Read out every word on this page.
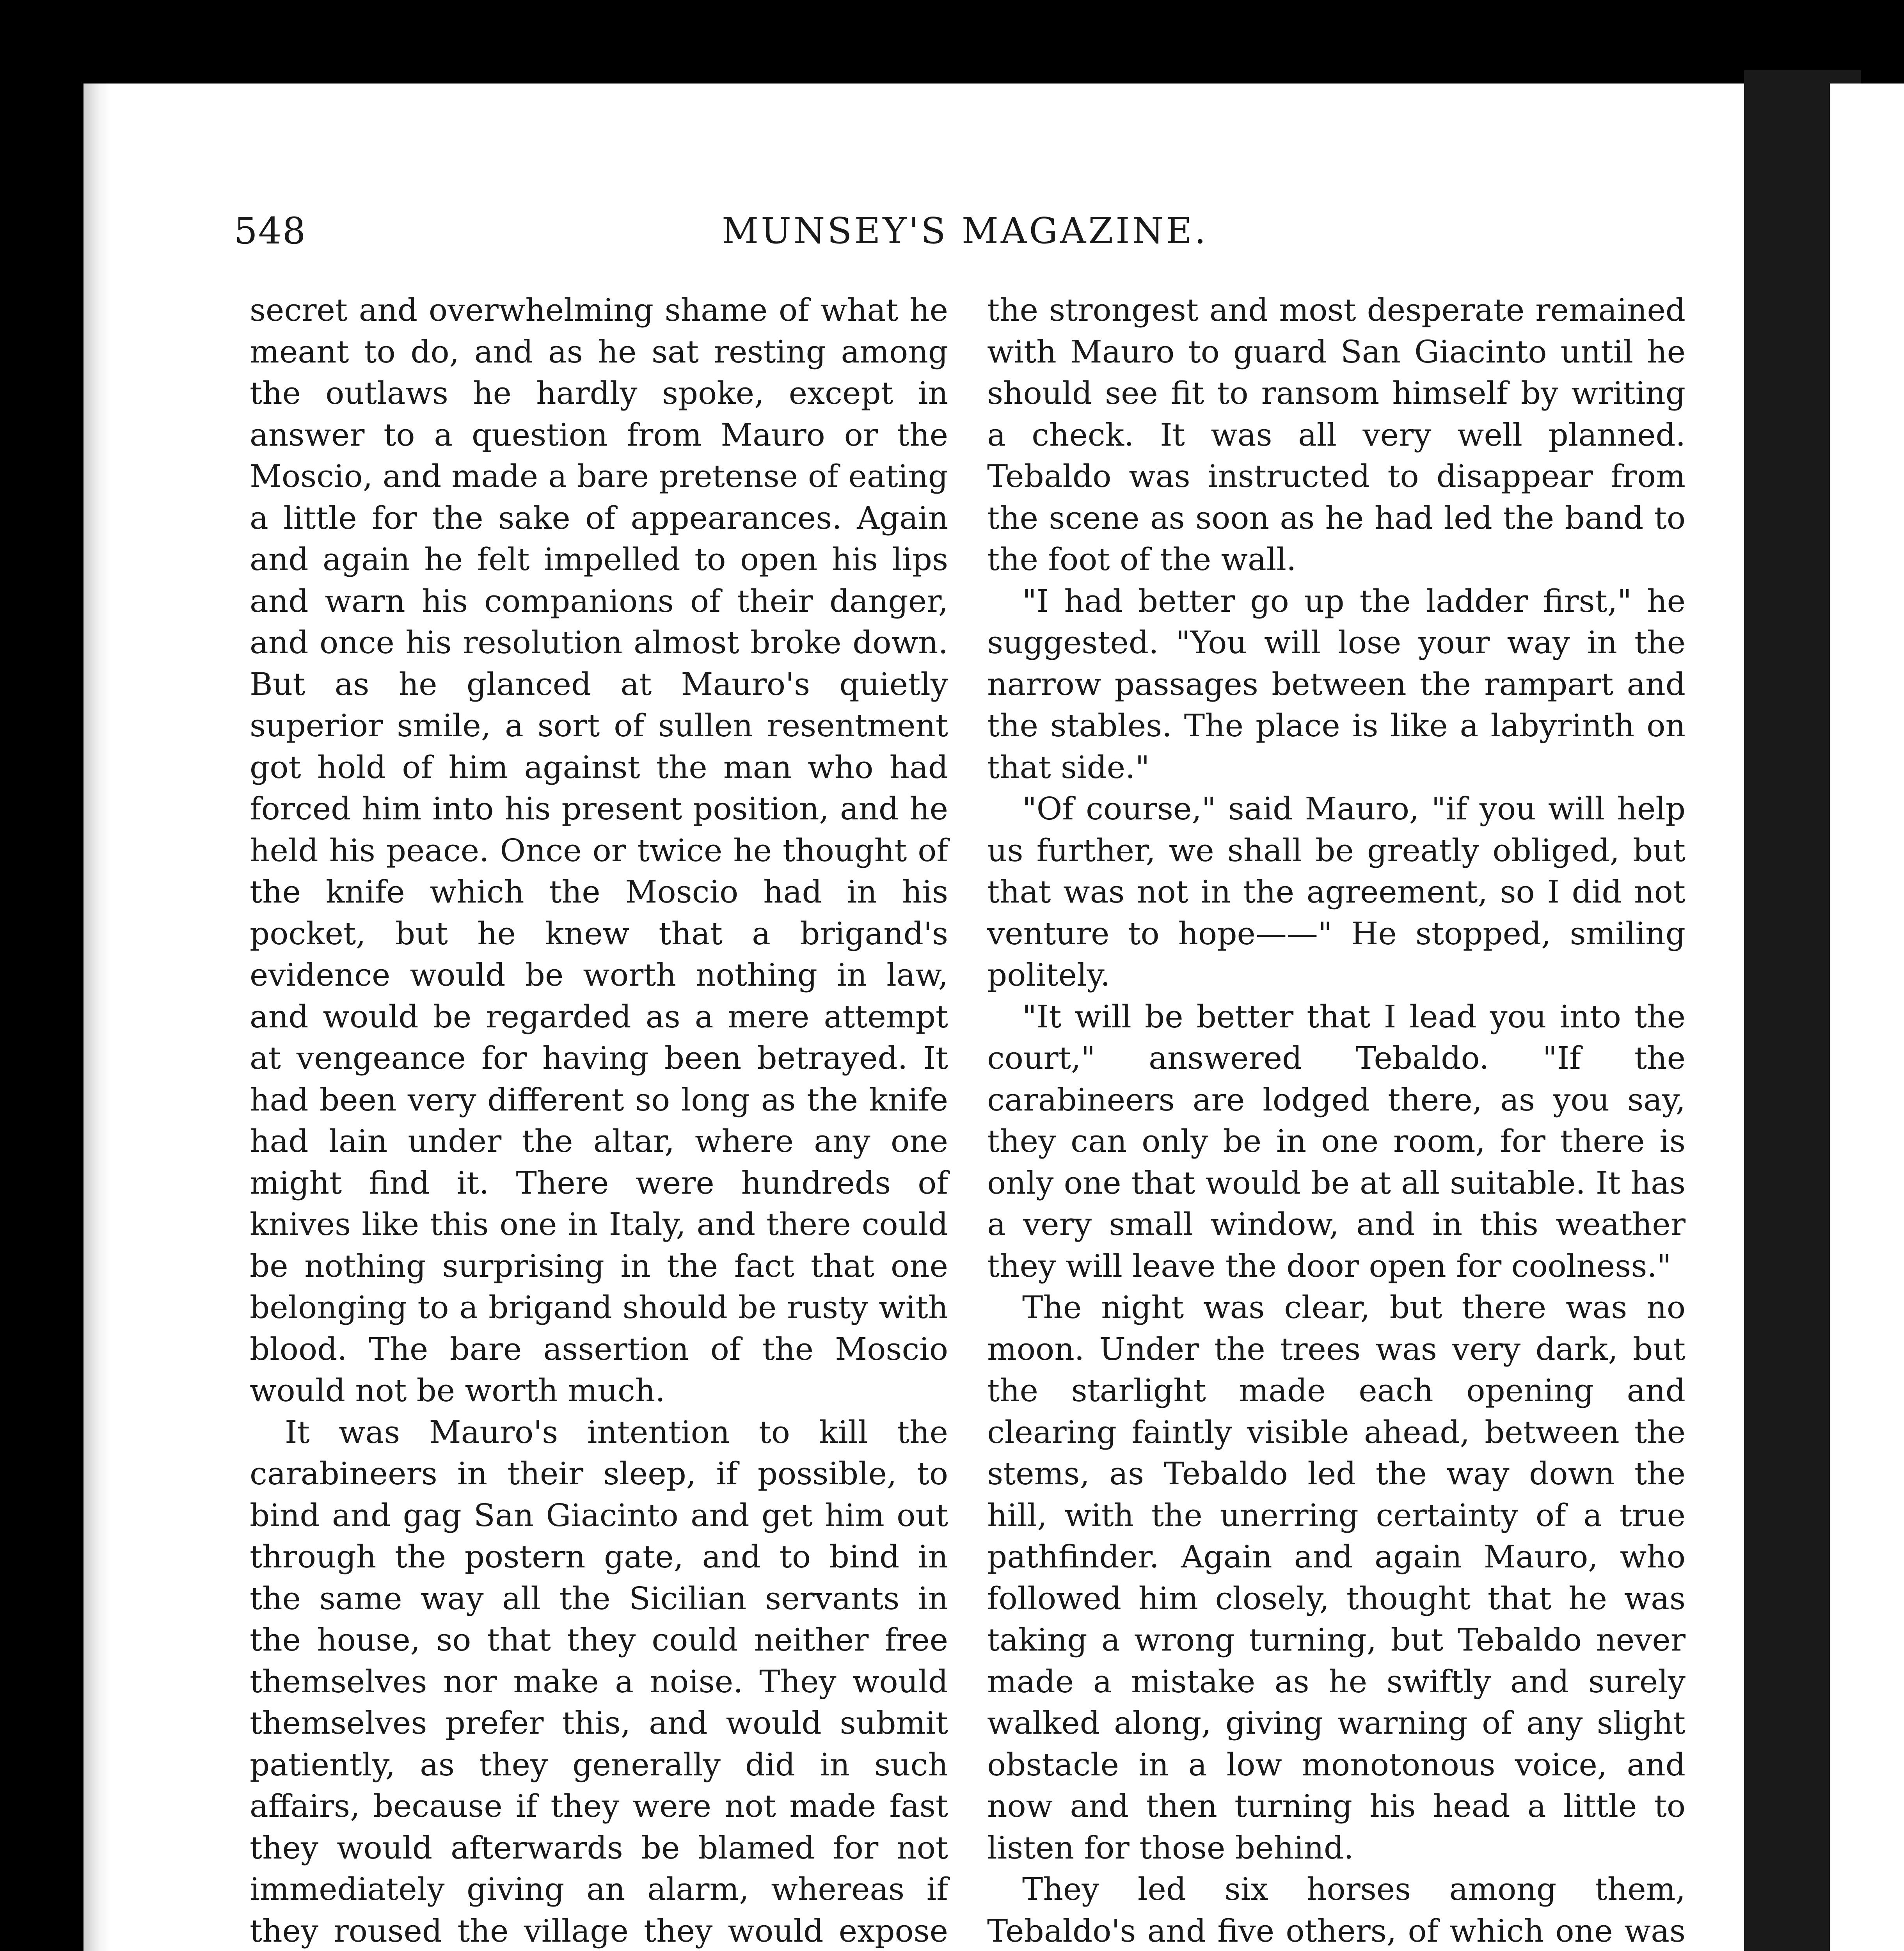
548	MUNSEY'S MAGAZINE.

secret and overwhelming shame of what he meant to do, and as he sat resting among the outlaws he hardly spoke, except in answer to a question from Mauro or the Moscio, and made a bare pretense of eating a little for the sake of appearances. Again and again he felt impelled to open his lips and warn his companions of their danger, and once his resolution almost broke down. But as he glanced at Mauro's quietly superior smile, a sort of sullen resentment got hold of him against the man who had forced him into his present position, and he held his peace. Once or twice he thought of the knife which the Moscio had in his pocket, but he knew that a brigand's evidence would be worth nothing in law, and would be regarded as a mere attempt at vengeance for having been betrayed. It had been very different so long as the knife had lain under the altar, where any one might find it. There were hundreds of knives like this one in Italy, and there could be nothing surprising in the fact that one belonging to a brigand should be rusty with blood. The bare assertion of the Moscio would not be worth much.

It was Mauro's intention to kill the carabineers in their sleep, if possible, to bind and gag San Giacinto and get him out through the postern gate, and to bind in the same way all the Sicilian servants in the house, so that they could neither free themselves nor make a noise. They would themselves prefer this, and would submit patiently, as they generally did in such affairs, because if they were not made fast they would afterwards be blamed for not immediately giving an alarm, whereas if they roused the village they would expose

the strongest and most desperate remained with Mauro to guard San Giacinto until he should see fit to ransom himself by writing a check. It was all very well planned. Tebaldo was instructed to disappear from the scene as soon as he had led the band to the foot of the wall.

"I had better go up the ladder first," he suggested. "You will lose your way in the narrow passages between the rampart and the stables. The place is like a labyrinth on that side."

"Of course," said Mauro, "if you will help us further, we shall be greatly obliged, but that was not in the agreement, so I did not venture to hope——" He stopped, smiling politely.

"It will be better that I lead you into the court," answered Tebaldo. "If the carabineers are lodged there, as you say, they can only be in one room, for there is only one that would be at all suitable. It has a very small window, and in this weather they will leave the door open for coolness."

The night was clear, but there was no moon. Under the trees was very dark, but the starlight made each opening and clearing faintly visible ahead, between the stems, as Tebaldo led the way down the hill, with the unerring certainty of a true pathfinder. Again and again Mauro, who followed him closely, thought that he was taking a wrong turning, but Tebaldo never made a mistake as he swiftly and surely walked along, giving warning of any slight obstacle in a low monotonous voice, and now and then turning his head a little to listen for those behind.

They led six horses among them, Tebaldo's and five others, of which one was
